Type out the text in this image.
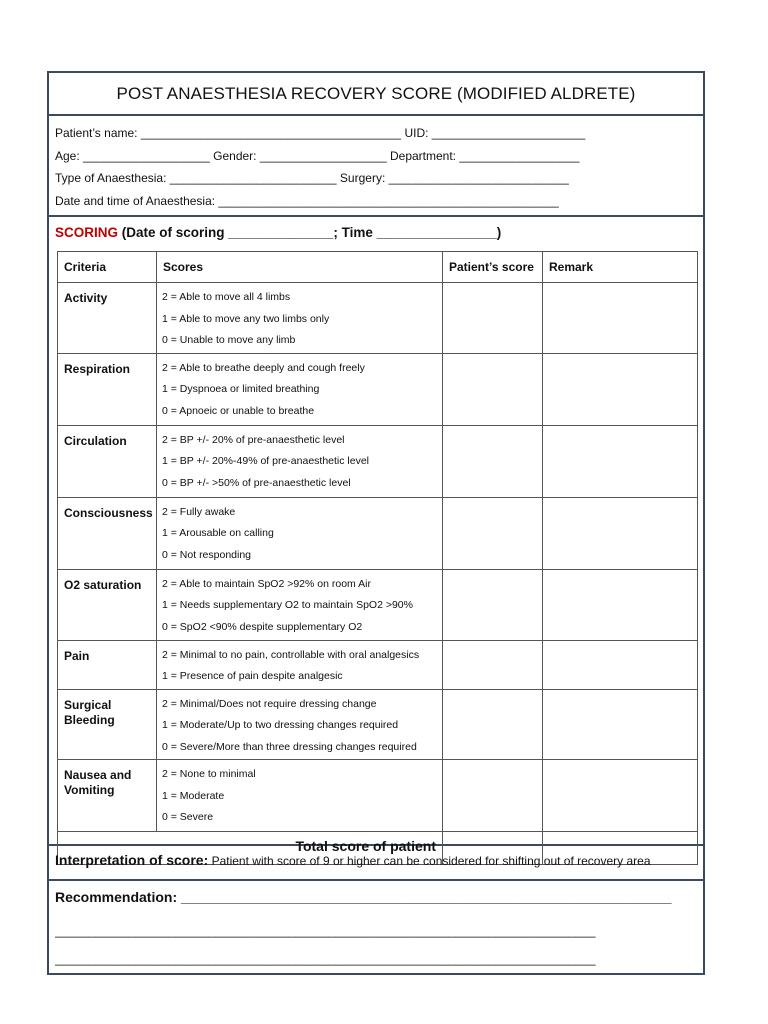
POST ANAESTHESIA RECOVERY SCORE (MODIFIED ALDRETE)
Patient’s name: _______________________________________ UID: _______________________
Age: ___________________ Gender: ___________________ Department: __________________
Type of Anaesthesia: _________________________ Surgery: ___________________________
Date and time of Anaesthesia: ___________________________________________________
SCORING (Date of scoring ______________; Time ________________)
Criteria	Scores	Patient’s score	Remark
Activity	2 = Able to move all 4 limbs
1 = Able to move any two limbs only
0 = Unable to move any limb		

Respiration	2 = Able to breathe deeply and cough freely
1 = Dyspnoea or limited breathing
0 = Apnoeic or unable to breathe		

Circulation	2 = BP +/- 20% of pre-anaesthetic level
1 = BP +/- 20%-49% of pre-anaesthetic level
0 = BP +/- >50% of pre-anaesthetic level		

Consciousness	2 = Fully awake
1 = Arousable on calling
0 = Not responding		

O2 saturation	2 = Able to maintain SpO2 >92% on room Air
1 = Needs supplementary O2 to maintain SpO2 >90%
0 = SpO2 <90% despite supplementary O2		

Pain	2 = Minimal to no pain, controllable with oral analgesics
1 = Presence of pain despite analgesic		

Surgical Bleeding	2 = Minimal/Does not require dressing change
1 = Moderate/Up to two dressing changes required
0 = Severe/More than three dressing changes required		

Nausea and Vomiting	2 = None to minimal
1 = Moderate
0 = Severe		

Total score of patient			
Interpretation of score: Patient with score of 9 or higher can be considered for shifting out of recovery area
Recommendation: _______________________________________________________________
_________________________________________________________________________________
_________________________________________________________________________________
